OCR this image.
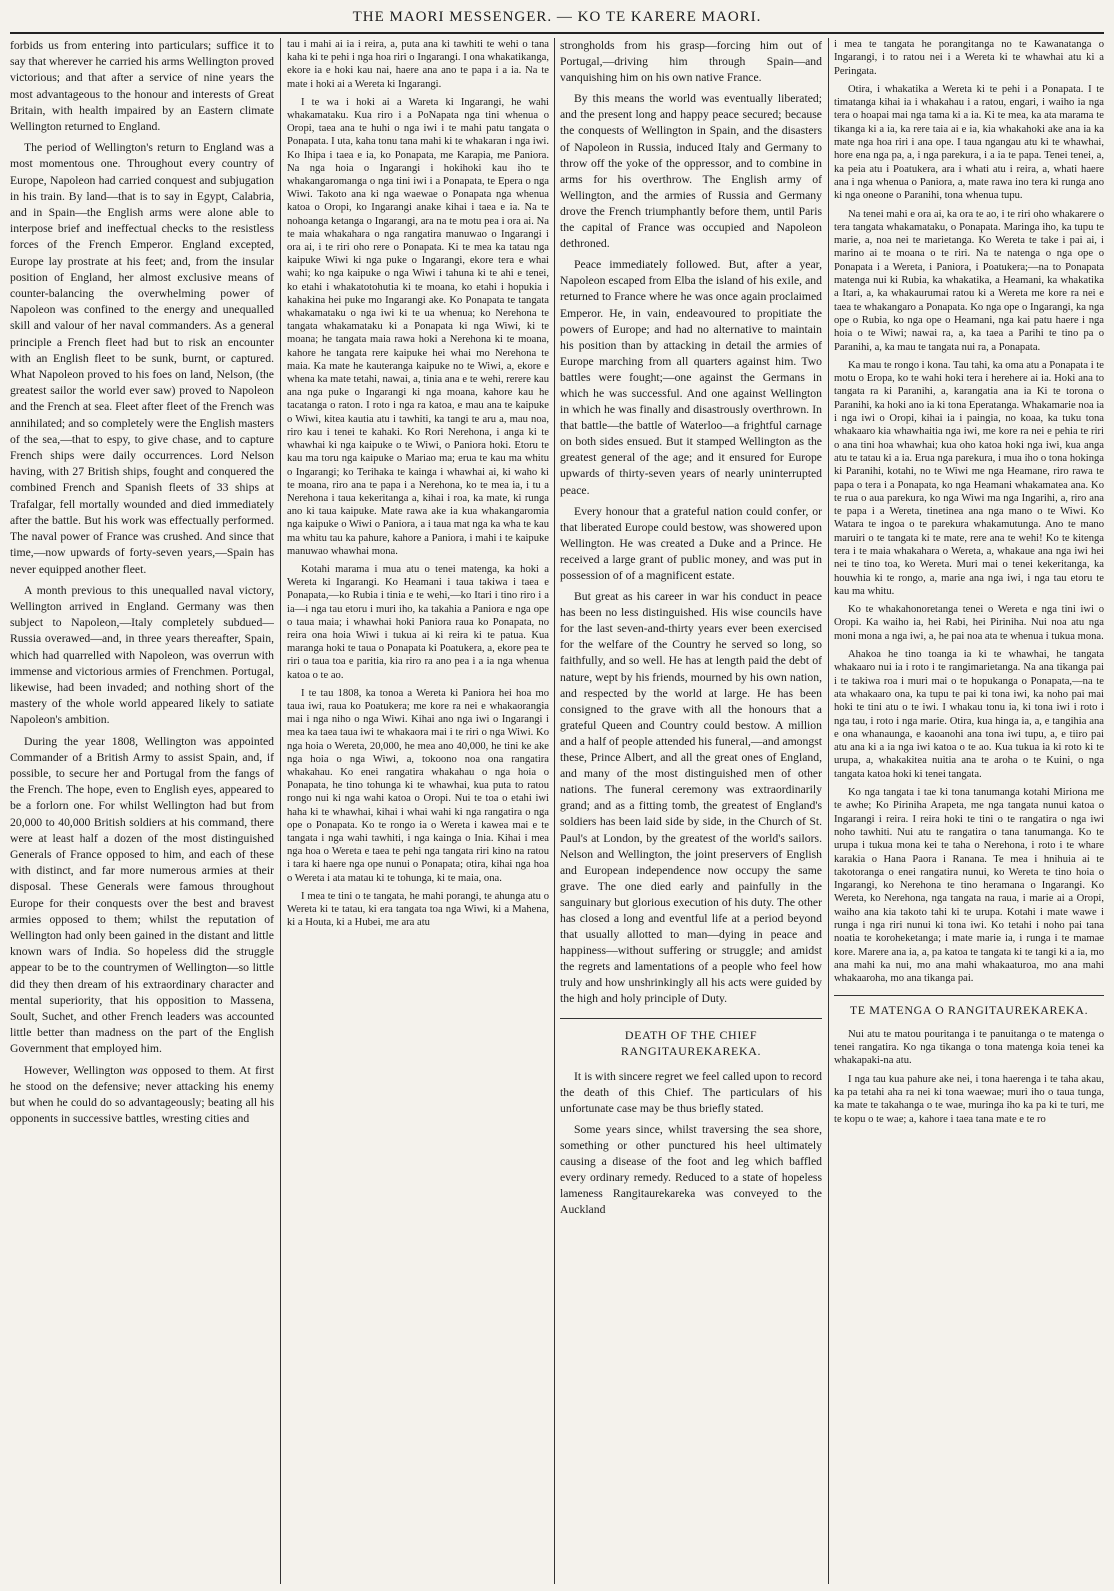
THE MAORI MESSENGER. — KO TE KARERE MAORI.

forbids us from entering into particulars; suffice it to say that wherever he carried his arms Wellington proved victorious; and that after a service of nine years the most advantageous to the honour and interests of Great Britain, with health impaired by an Eastern climate Wellington returned to England.

The period of Wellington's return to England was a most momentous one. Throughout every country of Europe, Napoleon had carried conquest and subjugation in his train. By land—that is to say in Egypt, Calabria, and in Spain—the English arms were alone able to interpose brief and ineffectual checks to the resistless forces of the French Emperor. England excepted, Europe lay prostrate at his feet; and, from the insular position of England, her almost exclusive means of counter-balancing the overwhelming power of Napoleon was confined to the energy and unequalled skill and valour of her naval commanders. As a general principle a French fleet had but to risk an encounter with an English fleet to be sunk, burnt, or captured. What Napoleon proved to his foes on land, Nelson, (the greatest sailor the world ever saw) proved to Napoleon and the French at sea. Fleet after fleet of the French was annihilated; and so completely were the English masters of the sea,—that to espy, to give chase, and to capture French ships were daily occurrences. Lord Nelson having, with 27 British ships, fought and conquered the combined French and Spanish fleets of 33 ships at Trafalgar, fell mortally wounded and died immediately after the battle. But his work was effectually performed. The naval power of France was crushed. And since that time,—now upwards of forty-seven years,—Spain has never equipped another fleet.

A month previous to this unequalled naval victory, Wellington arrived in England. Germany was then subject to Napoleon,—Italy completely subdued—Russia overawed—and, in three years thereafter, Spain, which had quarrelled with Napoleon, was overrun with immense and victorious armies of Frenchmen. Portugal, likewise, had been invaded; and nothing short of the mastery of the whole world appeared likely to satiate Napoleon's ambition.

During the year 1808, Wellington was appointed Commander of a British Army to assist Spain, and, if possible, to secure her and Portugal from the fangs of the French. The hope, even to English eyes, appeared to be a forlorn one. For whilst Wellington had but from 20,000 to 40,000 British soldiers at his command, there were at least half a dozen of the most distinguished Generals of France opposed to him, and each of these with distinct, and far more numerous armies at their disposal. These Generals were famous throughout Europe for their conquests over the best and bravest armies opposed to them; whilst the reputation of Wellington had only been gained in the distant and little known wars of India. So hopeless did the struggle appear to be to the countrymen of Wellington—so little did they then dream of his extraordinary character and mental superiority, that his opposition to Massena, Soult, Suchet, and other French leaders was accounted little better than madness on the part of the English Government that employed him.

However, Wellington was opposed to them. At first he stood on the defensive; never attacking his enemy but when he could do so advantageously; beating all his opponents in successive battles, wresting cities and

tau i mahi ai ia i reira, a, puta ana ki tawhiti te wehi o tana kaha ki te pehi i nga hoa riri o Ingarangi. I ona whakatikanga, ekore ia e hoki kau nai, haere ana ano te papa i a ia. Na te mate i hoki ai a Wereta ki Ingarangi.

I te wa i hoki ai a Wareta ki Ingarangi, he wahi whakamataku. Kua riro i a PoNapata nga tini whenua o Oropi, taea ana te huhi o nga iwi i te mahi patu tangata o Ponapata. I uta, kaha tonu tana mahi ki te whakaran i nga iwi. Ko Ihipa i taea e ia, ko Ponapata, me Karapia, me Paniora. Na nga hoia o Ingarangi i hokihoki kau iho te whakangaromanga o nga tini iwi i a Ponapata, te Epera o nga Wiwi. Takoto ana ki nga waewae o Ponapata nga whenua katoa o Oropi, ko Ingarangi anake kihai i taea e ia. Na te nohoanga ketanga o Ingarangi, ara na te motu pea i ora ai. Na te maia whakahara o nga rangatira manuwao o Ingarangi i ora ai, i te riri oho rere o Ponapata. Ki te mea ka tatau nga kaipuke Wiwi ki nga puke o Ingarangi, ekore tera e whai wahi; ko nga kaipuke o nga Wiwi i tahuna ki te ahi e tenei, ko etahi i whakatotohutia ki te moana, ko etahi i hopukia i kahakina hei puke mo Ingarangi ake. Ko Ponapata te tangata whakamataku o nga iwi ki te ua whenua; ko Nerehona te tangata whakamataku ki a Ponapata ki nga Wiwi, ki te moana; he tangata maia rawa hoki a Nerehona ki te moana, kahore he tangata rere kaipuke hei whai mo Nerehona te maia. Ka mate he kauteranga kaipuke no te Wiwi, a, ekore e whena ka mate tetahi, nawai, a, tinia ana e te wehi, rerere kau ana nga puke o Ingarangi ki nga moana, kahore kau he tacatanga o raton. I roto i nga ra katoa, e mau ana te kaipuke o Wiwi, kitea kautia atu i tawhiti, ka tangi te aru a, mau noa, riro kau i tenei te kahaki. Ko Rori Nerehona, i anga ki te whawhai ki nga kaipuke o te Wiwi, o Paniora hoki. Etoru te kau ma toru nga kaipuke o Mariao ma; erua te kau ma whitu o Ingarangi; ko Terihaka te kainga i whawhai ai, ki waho ki te moana, riro ana te papa i a Nerehona, ko te mea ia, i tu a Nerehona i taua kekeritanga a, kihai i roa, ka mate, ki runga ano ki taua kaipuke. Mate rawa ake ia kua whakangaromia nga kaipuke o Wiwi o Paniora, a i taua mat nga ka wha te kau ma whitu tau ka pahure, kahore a Paniora, i mahi i te kaipuke manuwao whawhai mona.

Kotahi marama i mua atu o tenei matenga, ka hoki a Wereta ki Ingarangi. Ko Heamani i taua takiwa i taea e Ponapata,—ko Rubia i tinia e te wehi,—ko Itari i tino riro i a ia—i nga tau etoru i muri iho, ka takahia a Paniora e nga ope o taua maia; i whawhai hoki Paniora raua ko Ponapata, no reira ona hoia Wiwi i tukua ai ki reira ki te patua. Kua maranga hoki te taua o Ponapata ki Poatukera, a, ekore pea te riri o taua toa e paritia, kia riro ra ano pea i a ia nga whenua katoa o te ao.

I te tau 1808, ka tonoa a Wereta ki Paniora hei hoa mo taua iwi, raua ko Poatukera; me kore ra nei e whakaorangia mai i nga niho o nga Wiwi. Kihai ano nga iwi o Ingarangi i mea ka taea taua iwi te whakaora mai i te riri o nga Wiwi. Ko nga hoia o Wereta, 20,000, he mea ano 40,000, he tini ke ake nga hoia o nga Wiwi, a, tokoono noa ona rangatira whakahau. Ko enei rangatira whakahau o nga hoia o Ponapata, he tino tohunga ki te whawhai, kua puta to ratou rongo nui ki nga wahi katoa o Oropi. Nui te toa o etahi iwi haha ki te whawhai, kihai i whai wahi ki nga rangatira o nga ope o Ponapata. Ko te rongo ia o Wereta i kawea mai e te tangata i nga wahi tawhiti, i nga kainga o Inia. Kihai i mea nga hoa o Wereta e taea te pehi nga tangata riri kino na ratou i tara ki haere nga ope nunui o Ponapata; otira, kihai nga hoa o Wereta i ata matau ki te tohunga, ki te maia, ona.

I mea te tini o te tangata, he mahi porangi, te ahunga atu o Wereta ki te tatau, ki era tangata toa nga Wiwi, ki a Mahena, ki a Houta, ki a Hubei, me ara atu

strongholds from his grasp—forcing him out of Portugal,—driving him through Spain—and vanquishing him on his own native France.

By this means the world was eventually liberated; and the present long and happy peace secured; because the conquests of Wellington in Spain, and the disasters of Napoleon in Russia, induced Italy and Germany to throw off the yoke of the oppressor, and to combine in arms for his overthrow. The English army of Wellington, and the armies of Russia and Germany drove the French triumphantly before them, until Paris the capital of France was occupied and Napoleon dethroned.

Peace immediately followed. But, after a year, Napoleon escaped from Elba the island of his exile, and returned to France where he was once again proclaimed Emperor. He, in vain, endeavoured to propitiate the powers of Europe; and had no alternative to maintain his position than by attacking in detail the armies of Europe marching from all quarters against him. Two battles were fought;—one against the Germans in which he was successful. And one against Wellington in which he was finally and disastrously overthrown. In that battle—the battle of Waterloo—a frightful carnage on both sides ensued. But it stamped Wellington as the greatest general of the age; and it ensured for Europe upwards of thirty-seven years of nearly uninterrupted peace.

Every honour that a grateful nation could confer, or that liberated Europe could bestow, was showered upon Wellington. He was created a Duke and a Prince. He received a large grant of public money, and was put in possession of of a magnificent estate.

But great as his career in war his conduct in peace has been no less distinguished. His wise councils have for the last seven-and-thirty years ever been exercised for the welfare of the Country he served so long, so faithfully, and so well. He has at length paid the debt of nature, wept by his friends, mourned by his own nation, and respected by the world at large. He has been consigned to the grave with all the honours that a grateful Queen and Country could bestow. A million and a half of people attended his funeral,—and amongst these, Prince Albert, and all the great ones of England, and many of the most distinguished men of other nations. The funeral ceremony was extraordinarily grand; and as a fitting tomb, the greatest of England's soldiers has been laid side by side, in the Church of St. Paul's at London, by the greatest of the world's sailors. Nelson and Wellington, the joint preservers of English and European independence now occupy the same grave. The one died early and painfully in the sanguinary but glorious execution of his duty. The other has closed a long and eventful life at a period beyond that usually allotted to man—dying in peace and happiness—without suffering or struggle; and amidst the regrets and lamentations of a people who feel how truly and how unshrinkingly all his acts were guided by the high and holy principle of Duty.

DEATH OF THE CHIEF RANGITAUREKAREKA.

It is with sincere regret we feel called upon to record the death of this Chief. The particulars of his unfortunate case may be thus briefly stated.

Some years since, whilst traversing the sea shore, something or other punctured his heel ultimately causing a disease of the foot and leg which baffled every ordinary remedy. Reduced to a state of hopeless lameness Rangitaurekareka was conveyed to the Auckland

i mea te tangata he porangitanga no te Kawanatanga o Ingarangi, i to ratou nei i a Wereta ki te whawhai atu ki a Peringata.

Otira, i whakatika a Wereta ki te pehi i a Ponapata. I te timatanga kihai ia i whakahau i a ratou, engari, i waiho ia nga tera o hoapai mai nga tama ki a ia. Ki te mea, ka ata marama te tikanga ki a ia, ka rere taia ai e ia, kia whakahoki ake ana ia ka mate nga hoa riri i ana ope. I taua ngangau atu ki te whawhai, hore ena nga pa, a, i nga parekura, i a ia te papa. Tenei tenei, a, ka peia atu i Poatukera, ara i whati atu i reira, a, whati haere ana i nga whenua o Paniora, a, mate rawa ino tera ki runga ano ki nga oneone o Paranihi, tona whenua tupu.

Na tenei mahi e ora ai, ka ora te ao, i te riri oho whakarere o tera tangata whakamataku, o Ponapata. Maringa iho, ka tupu te marie, a, noa nei te marietanga. Ko Wereta te take i pai ai, i marino ai te moana o te riri. Na te natenga o nga ope o Ponapata i a Wereta, i Paniora, i Poatukera;—na to Ponapata matenga nui ki Rubia, ka whakatika, a Heamani, ka whakatika a Itari, a, ka whakaurumai ratou ki a Wereta me kore ra nei e taea te whakangaro a Ponapata. Ko nga ope o Ingarangi, ka nga ope o Rubia, ko nga ope o Heamani, nga kai patu haere i nga hoia o te Wiwi; nawai ra, a, ka taea a Parihi te tino pa o Paranihi, a, ka mau te tangata nui ra, a Ponapata.

Ka mau te rongo i kona. Tau tahi, ka oma atu a Ponapata i te motu o Eropa, ko te wahi hoki tera i herehere ai ia. Hoki ana to tangata ra ki Paranihi, a, karangatia ana ia Ki te torona o Paranihi, ka hoki ano ia ki tona Eperatanga. Whakamarie noa ia i nga iwi o Oropi, kihai ia i paingia, no koaa, ka tuku tona whakaaro kia whawhaitia nga iwi, me kore ra nei e pehia te riri o ana tini hoa whawhai; kua oho katoa hoki nga iwi, kua anga atu te tatau ki a ia. Erua nga parekura, i mua iho o tona hokinga ki Paranihi, kotahi, no te Wiwi me nga Heamane, riro rawa te papa o tera i a Ponapata, ko nga Heamani whakamatea ana. Ko te rua o aua parekura, ko nga Wiwi ma nga Ingarihi, a, riro ana te papa i a Wereta, tinetinea ana nga mano o te Wiwi. Ko Watara te ingoa o te parekura whakamutunga. Ano te mano maruiri o te tangata ki te mate, rere ana te wehi! Ko te kitenga tera i te maia whakahara o Wereta, a, whakaue ana nga iwi hei nei te tino toa, ko Wereta. Muri mai o tenei kekeritanga, ka houwhia ki te rongo, a, marie ana nga iwi, i nga tau etoru te kau ma whitu.

Ko te whakahonoretanga tenei o Wereta e nga tini iwi o Oropi. Ka waiho ia, hei Rabi, hei Piriniha. Nui noa atu nga moni mona a nga iwi, a, he pai noa ata te whenua i tukua mona.

Ahakoa he tino toanga ia ki te whawhai, he tangata whakaaro nui ia i roto i te rangimarietanga. Na ana tikanga pai i te takiwa roa i muri mai o te hopukanga o Ponapata,—na te ata whakaaro ona, ka tupu te pai ki tona iwi, ka noho pai mai hoki te tini atu o te iwi. I whakau tonu ia, ki tona iwi i roto i nga tau, i roto i nga marie. Otira, kua hinga ia, a, e tangihia ana e ona whanaunga, e kaoanohi ana tona iwi tupu, a, e tiiro pai atu ana ki a ia nga iwi katoa o te ao. Kua tukua ia ki roto ki te urupa, a, whakakitea nuitia ana te aroha o te Kuini, o nga tangata katoa hoki ki tenei tangata.

Ko nga tangata i tae ki tona tanumanga kotahi Miriona me te awhe; Ko Piriniha Arapeta, me nga tangata nunui katoa o Ingarangi i reira. I reira hoki te tini o te rangatira o nga iwi noho tawhiti. Nui atu te rangatira o tana tanumanga. Ko te urupa i tukua mona kei te taha o Nerehona, i roto i te whare karakia o Hana Paora i Ranana. Te mea i hnihuia ai te takotoranga o enei rangatira nunui, ko Wereta te tino hoia o Ingarangi, ko Nerehona te tino heramana o Ingarangi. Ko Wereta, ko Nerehona, nga tangata na raua, i marie ai a Oropi, waiho ana kia takoto tahi ki te urupa. Kotahi i mate wawe i runga i nga riri nunui ki tona iwi. Ko tetahi i noho pai tana noatia te koroheketanga; i mate marie ia, i runga i te mamae kore. Marere ana ia, a, pa katoa te tangata ki te tangi ki a ia, mo ana mahi ka nui, mo ana mahi whakaaturoa, mo ana mahi whakaaroha, mo ana tikanga pai.

TE MATENGA O RANGITAUREKAREKA.

Nui atu te matou pouritanga i te panuitanga o te matenga o tenei rangatira. Ko nga tikanga o tona matenga koia tenei ka whakapaki-na atu.

I nga tau kua pahure ake nei, i tona haerenga i te taha akau, ka pa tetahi aha ra nei ki tona waewae; muri iho o taua tunga, ka mate te takahanga o te wae, muringa iho ka pa ki te turi, me te kopu o te wae; a, kahore i taea tana mate e te ro
